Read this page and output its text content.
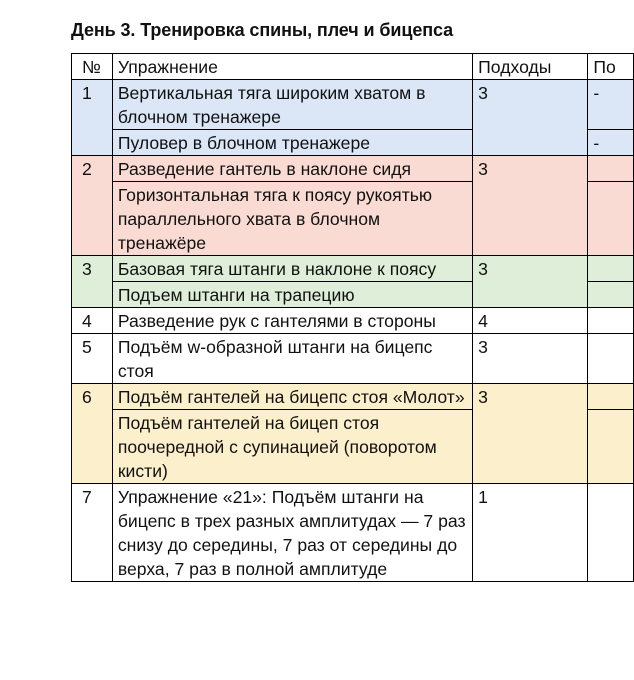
День 3. Тренировка спины, плеч и бицепса
№	Упражнение	Подходы	По
1	Вертикальная тяга широким хватом в блочном тренажере	3	-
	Пуловер в блочном тренажере		-
2	Разведение гантель в наклоне сидя	3	
	Горизонтальная тяга к поясу рукоятью параллельного хвата в блочном тренажёре		
3	Базовая тяга штанги в наклоне к поясу	3	
	Подъем штанги на трапецию		
4	Разведение рук с гантелями в стороны	4	
5	Подъём w-образной штанги на бицепс стоя	3	
6	Подъём гантелей на бицепс стоя «Молот»	3	
	Подъём гантелей на бицеп стоя поочередной с супинацией (поворотом кисти)		
7	Упражнение «21»: Подъём штанги на бицепс в трех разных амплитудах — 7 раз снизу до середины, 7 раз от середины до верха, 7 раз в полной амплитуде	1	
